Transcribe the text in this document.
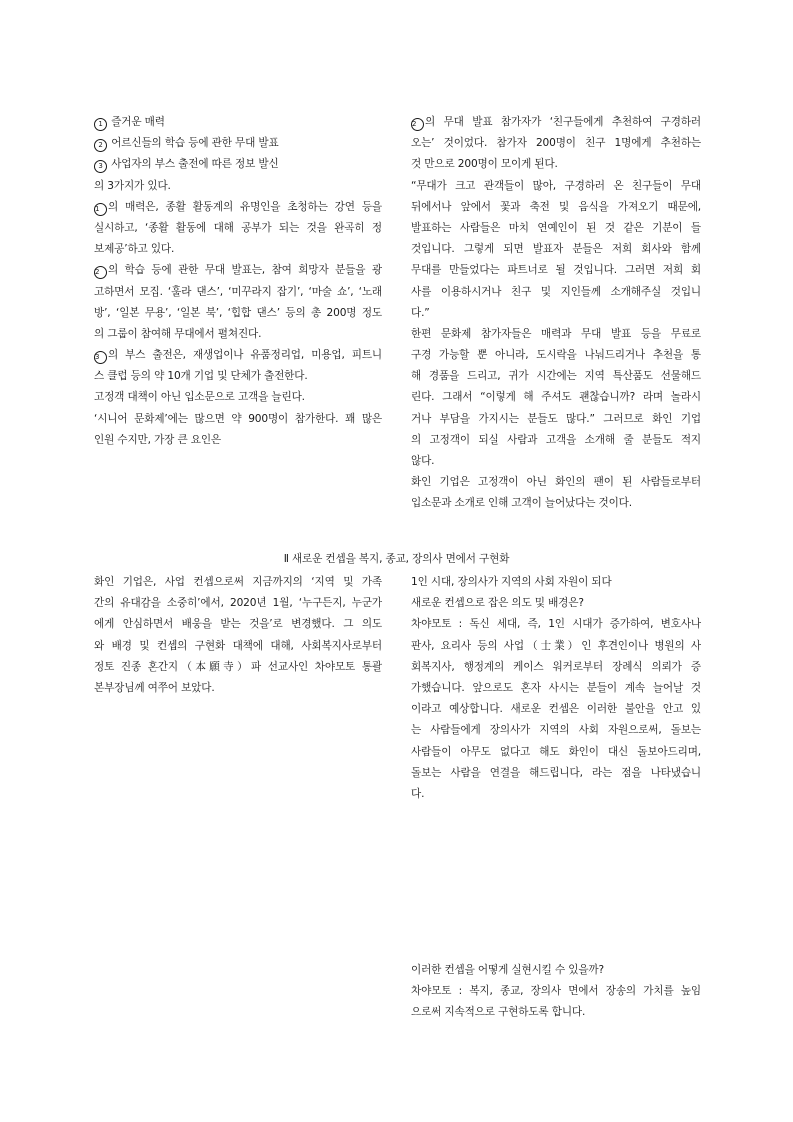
1 즐거운 매력
2 어르신들의 학습 등에 관한 무대 발표
3 사업자의 부스 출전에 따른 정보 발신
의 3가지가 있다.
1 의 매력은, 종활 활동계의 유명인을 초청하는 강연 등을
실시하고, ‘종활 활동에 대해 공부가 되는 것을 완곡히 정
보제공’하고 있다.
2 의 학습 등에 관한 무대 발표는, 참여 희망자 분들을 광
고하면서 모집. ‘훌라 댄스’, ‘미꾸라지 잡기’, ‘마술 쇼’, ‘노래
방’, ‘일본 무용’, ‘일본 북’, ‘힙합 댄스’ 등의 총 200명 정도
의 그룹이 참여해 무대에서 펼쳐진다.
3 의 부스 출전은, 재생업이나 유품정리업, 미용업, 피트니
스 클럽 등의 약 10개 기업 및 단체가 출전한다.
고정객 대책이 아닌 입소문으로 고객을 늘린다.
‘시니어 문화제’에는 많으면 약 900명이 참가한다. 꽤 많은
인원 수지만, 가장 큰 요인은
2 의 무대 발표 참가자가 ‘친구들에게 추천하여 구경하러
오는’ 것이었다. 참가자 200명이 친구 1명에게 추천하는
것 만으로 200명이 모이게 된다.
“무대가 크고 관객들이 많아, 구경하러 온 친구들이 무대
뒤에서나 앞에서 꽃과 축전 및 음식을 가져오기 때문에,
발표하는 사람들은 마치 연예인이 된 것 같은 기분이 들
것입니다. 그렇게 되면 발표자 분들은 저희 회사와 함께
무대를 만들었다는 파트너로 될 것입니다. 그러면 저희 회
사를 이용하시거나 친구 및 지인들께 소개해주실 것입니
다.”
한편 문화제 참가자들은 매력과 무대 발표 등을 무료로
구경 가능할 뿐 아니라, 도시락을 나눠드리거나 추천을 통
해 경품을 드리고, 귀가 시간에는 지역 특산품도 선물해드
린다. 그래서 “이렇게 해 주셔도 괜찮습니까? 라며 놀라시
거나 부담을 가지시는 분들도 많다.” 그러므로 화인 기업
의 고정객이 되실 사람과 고객을 소개해 줄 분들도 적지
않다.
화인 기업은 고정객이 아닌 화인의 팬이 된 사람들로부터
입소문과 소개로 인해 고객이 늘어났다는 것이다.
Ⅱ 새로운 컨셉을 복지, 종교, 장의사 면에서 구현화
화인 기업은, 사업 컨셉으로써 지금까지의 ‘지역 및 가족
간의 유대감을 소중히’에서, 2020년 1월, ‘누구든지, 누군가
에게 안심하면서 배웅을 받는 것을’로 변경했다. 그 의도
와 배경 및 컨셉의 구현화 대책에 대해, 사회복지사로부터
정토 진종 혼간지（本願寺）파 선교사인 차야모토 통괄
본부장님께 여쭈어 보았다.
1인 시대, 장의사가 지역의 사회 자원이 되다
새로운 컨셉으로 잡은 의도 및 배경은?
차야모토 : 독신 세대, 즉, 1인 시대가 증가하여, 변호사나
판사, 요리사 등의 사업（士業）인 후견인이나 병원의 사
회복지사, 행정계의 케이스 워커로부터 장례식 의뢰가 증
가했습니다. 앞으로도 혼자 사시는 분들이 계속 늘어날 것
이라고 예상합니다. 새로운 컨셉은 이러한 불안을 안고 있
는 사람들에게 장의사가 지역의 사회 자원으로써, 돌보는
사람들이 아무도 없다고 해도 화인이 대신 돌보아드리며,
돌보는 사람을 연결을 해드립니다, 라는 점을 나타냈습니
다.
이러한 컨셉을 어떻게 실현시킬 수 있을까?
차야모토 : 복지, 종교, 장의사 면에서 장송의 가치를 높임
으로써 지속적으로 구현하도록 합니다.
